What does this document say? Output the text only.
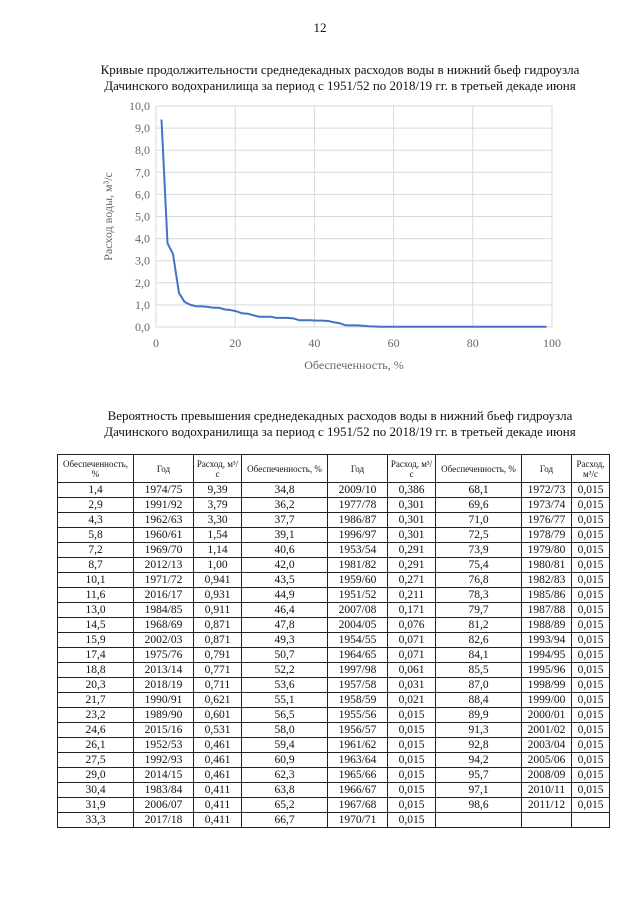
12
Кривые продолжительности среднедекадных расходов воды в нижний бьеф гидроузла
Дачинского водохранилища за период с 1951/52 по 2018/19 гг. в третьей декаде июня
0,0
1,0
2,0
3,0
4,0
5,0
6,0
7,0
8,0
9,0
10,0
0	20	40	60	80	100
Обеспеченность, %
Расход воды, м³/с
Вероятность превышения среднедекадных расходов воды в нижний бьеф гидроузла
Дачинского водохранилища за период с 1951/52 по 2018/19 гг. в третьей декаде июня
Обеспеченность, %	Год	Расход, м³/с	Обеспеченность, %	Год	Расход, м³/с	Обеспеченность, %	Год	Расход, м³/с
1,4	1974/75	9,39	34,8	2009/10	0,386	68,1	1972/73	0,015
2,9	1991/92	3,79	36,2	1977/78	0,301	69,6	1973/74	0,015
4,3	1962/63	3,30	37,7	1986/87	0,301	71,0	1976/77	0,015
5,8	1960/61	1,54	39,1	1996/97	0,301	72,5	1978/79	0,015
7,2	1969/70	1,14	40,6	1953/54	0,291	73,9	1979/80	0,015
8,7	2012/13	1,00	42,0	1981/82	0,291	75,4	1980/81	0,015
10,1	1971/72	0,941	43,5	1959/60	0,271	76,8	1982/83	0,015
11,6	2016/17	0,931	44,9	1951/52	0,211	78,3	1985/86	0,015
13,0	1984/85	0,911	46,4	2007/08	0,171	79,7	1987/88	0,015
14,5	1968/69	0,871	47,8	2004/05	0,076	81,2	1988/89	0,015
15,9	2002/03	0,871	49,3	1954/55	0,071	82,6	1993/94	0,015
17,4	1975/76	0,791	50,7	1964/65	0,071	84,1	1994/95	0,015
18,8	2013/14	0,771	52,2	1997/98	0,061	85,5	1995/96	0,015
20,3	2018/19	0,711	53,6	1957/58	0,031	87,0	1998/99	0,015
21,7	1990/91	0,621	55,1	1958/59	0,021	88,4	1999/00	0,015
23,2	1989/90	0,601	56,5	1955/56	0,015	89,9	2000/01	0,015
24,6	2015/16	0,531	58,0	1956/57	0,015	91,3	2001/02	0,015
26,1	1952/53	0,461	59,4	1961/62	0,015	92,8	2003/04	0,015
27,5	1992/93	0,461	60,9	1963/64	0,015	94,2	2005/06	0,015
29,0	2014/15	0,461	62,3	1965/66	0,015	95,7	2008/09	0,015
30,4	1983/84	0,411	63,8	1966/67	0,015	97,1	2010/11	0,015
31,9	2006/07	0,411	65,2	1967/68	0,015	98,6	2011/12	0,015
33,3	2017/18	0,411	66,7	1970/71	0,015			
